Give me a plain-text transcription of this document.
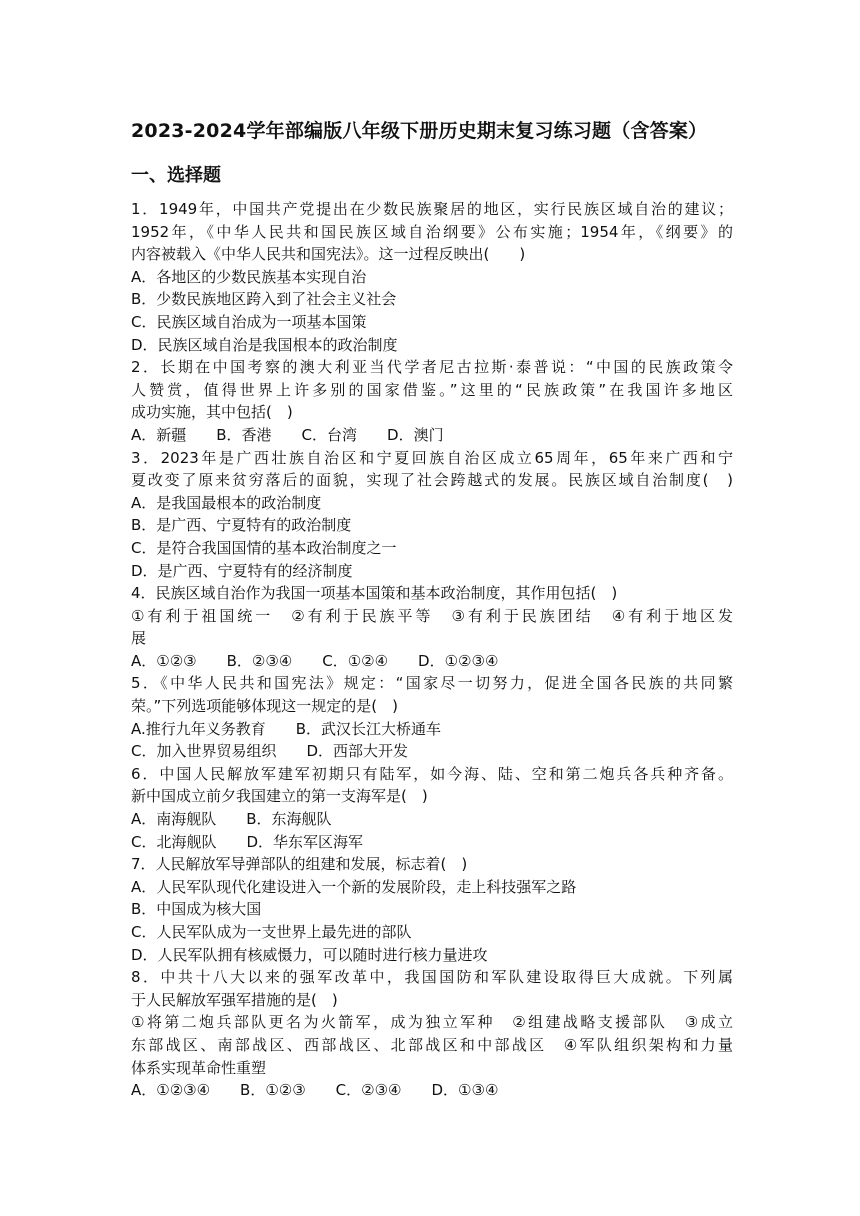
2023-2024学年部编版八年级下册历史期末复习练习题（含答案）
一、选择题
1．1949年，中国共产党提出在少数民族聚居的地区，实行民族区域自治的建议；
1952年，《中华人民共和国民族区域自治纲要》公布实施；1954年，《纲要》的
内容被载入《中华人民共和国宪法》。这一过程反映出(　　)
A．各地区的少数民族基本实现自治
B．少数民族地区跨入到了社会主义社会
C．民族区域自治成为一项基本国策
D．民族区域自治是我国根本的政治制度
2．长期在中国考察的澳大利亚当代学者尼古拉斯·泰普说：“中国的民族政策令
人赞赏，值得世界上许多别的国家借鉴。”这里的“民族政策”在我国许多地区
成功实施，其中包括(　)
A．新疆　　B．香港　　C．台湾　　D．澳门
3．2023年是广西壮族自治区和宁夏回族自治区成立65周年，65年来广西和宁
夏改变了原来贫穷落后的面貌，实现了社会跨越式的发展。民族区域自治制度(　)
A．是我国最根本的政治制度
B．是广西、宁夏特有的政治制度
C．是符合我国国情的基本政治制度之一
D．是广西、宁夏特有的经济制度
4．民族区域自治作为我国一项基本国策和基本政治制度，其作用包括(　)
①有利于祖国统一　②有利于民族平等　③有利于民族团结　④有利于地区发
展
A．①②③　　B．②③④　　C．①②④　　D．①②③④
5．《中华人民共和国宪法》规定：“国家尽一切努力，促进全国各民族的共同繁
荣。”下列选项能够体现这一规定的是(　)
A.推行九年义务教育　　B．武汉长江大桥通车
C．加入世界贸易组织　　D．西部大开发
6．中国人民解放军建军初期只有陆军，如今海、陆、空和第二炮兵各兵种齐备。
新中国成立前夕我国建立的第一支海军是(　)
A．南海舰队　　B．东海舰队
C．北海舰队　　D．华东军区海军
7．人民解放军导弹部队的组建和发展，标志着(　)
A．人民军队现代化建设进入一个新的发展阶段，走上科技强军之路
B．中国成为核大国
C．人民军队成为一支世界上最先进的部队
D．人民军队拥有核威慑力，可以随时进行核力量进攻
8．中共十八大以来的强军改革中，我国国防和军队建设取得巨大成就。下列属
于人民解放军强军措施的是(　)
①将第二炮兵部队更名为火箭军，成为独立军种　②组建战略支援部队　③成立
东部战区、南部战区、西部战区、北部战区和中部战区　④军队组织架构和力量
体系实现革命性重塑
A．①②③④　　B．①②③　　C．②③④　　D．①③④
